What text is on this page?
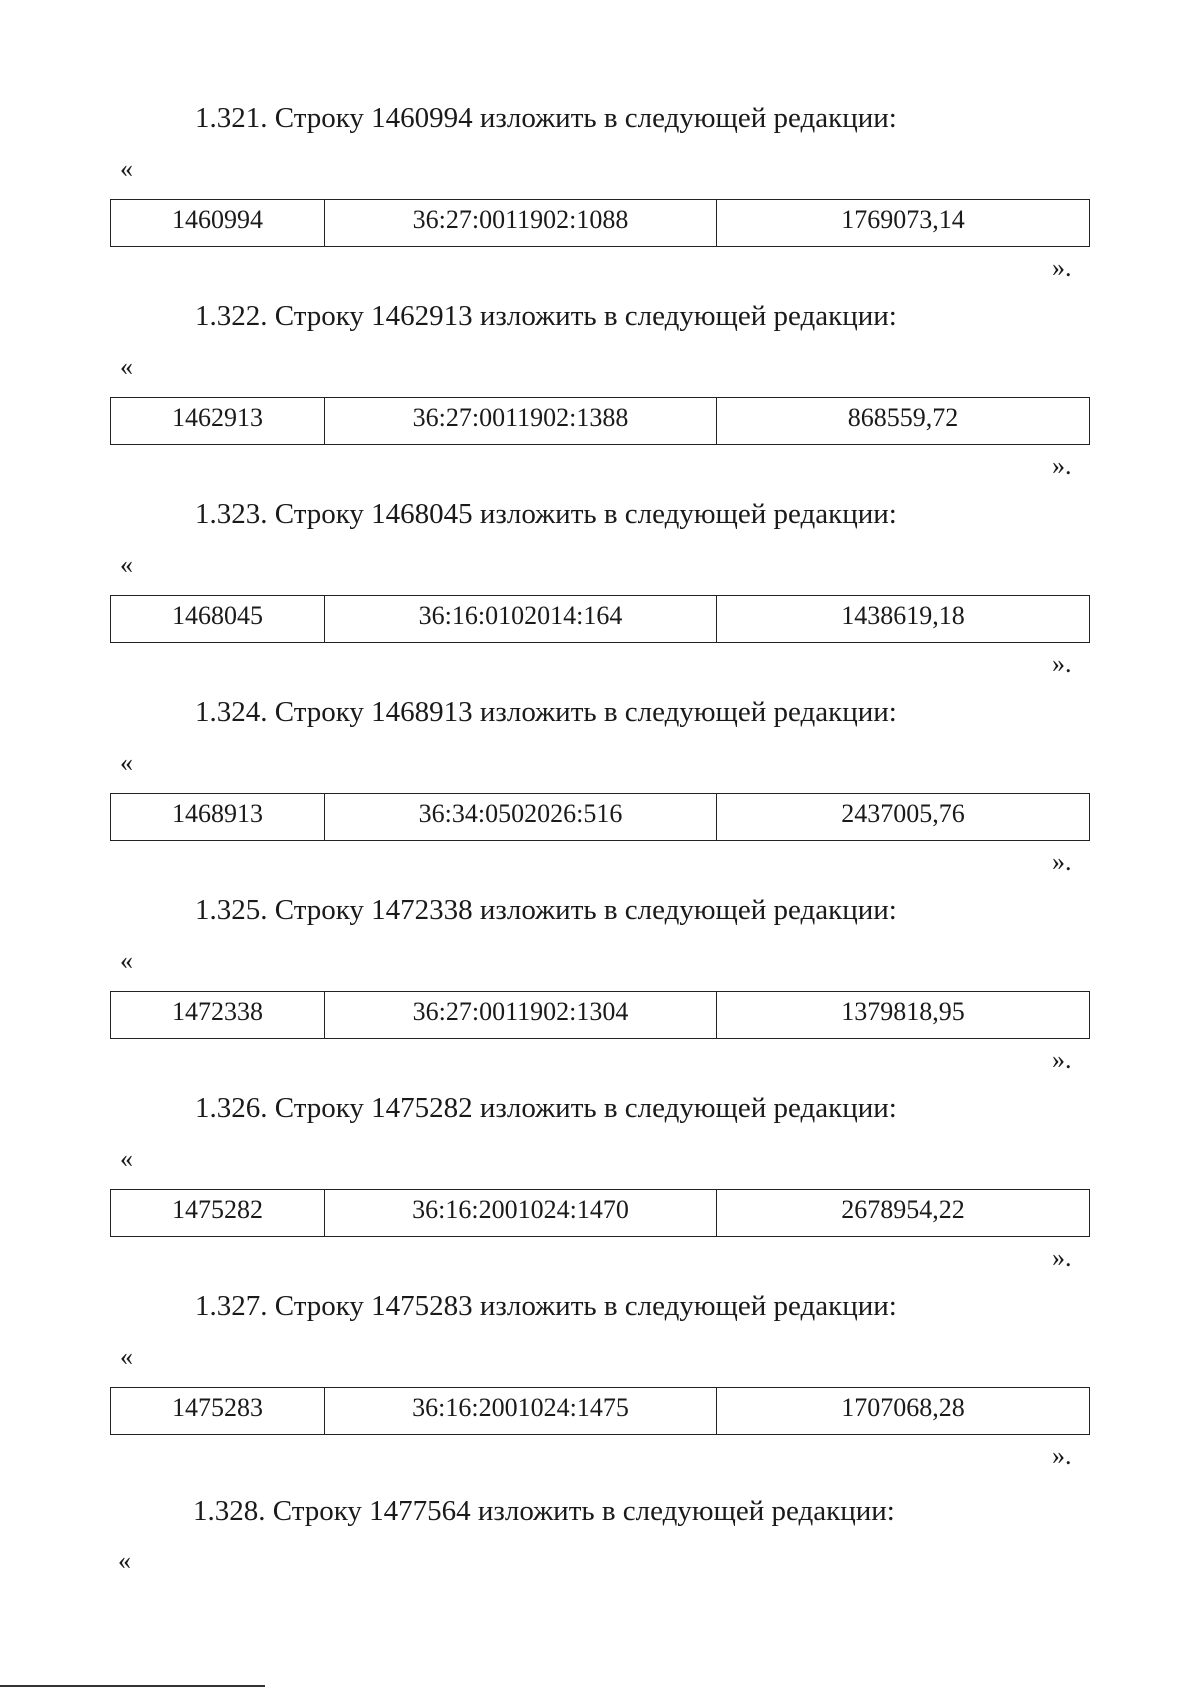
1.321. Строку 1460994 изложить в следующей редакции:
«
1460994	36:27:0011902:1088	1769073,14
».
1.322. Строку 1462913 изложить в следующей редакции:
«
1462913	36:27:0011902:1388	868559,72
».
1.323. Строку 1468045 изложить в следующей редакции:
«
1468045	36:16:0102014:164	1438619,18
».
1.324. Строку 1468913 изложить в следующей редакции:
«
1468913	36:34:0502026:516	2437005,76
».
1.325. Строку 1472338 изложить в следующей редакции:
«
1472338	36:27:0011902:1304	1379818,95
».
1.326. Строку 1475282 изложить в следующей редакции:
«
1475282	36:16:2001024:1470	2678954,22
».
1.327. Строку 1475283 изложить в следующей редакции:
«
1475283	36:16:2001024:1475	1707068,28
».
1.328. Строку 1477564 изложить в следующей редакции:
«
